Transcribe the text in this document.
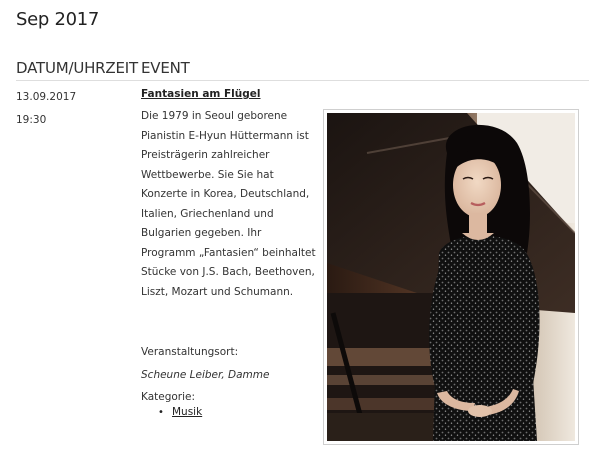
Sep 2017
DATUM/UHRZEIT EVENT
13.09.2017
19:30
Fantasien am Flügel

Die 1979 in Seoul geborene Pianistin E-Hyun Hüttermann ist Preisträgerin zahlreicher Wettbewerbe. Sie Sie hat Konzerte in Korea, Deutschland, Italien, Griechenland und Bulgarien gegeben. Ihr Programm „Fantasien“ beinhaltet Stücke von J.S. Bach, Beethoven, Liszt, Mozart und Schumann.

Veranstaltungsort:
Scheune Leiber, Damme
Kategorie:
• Musik
